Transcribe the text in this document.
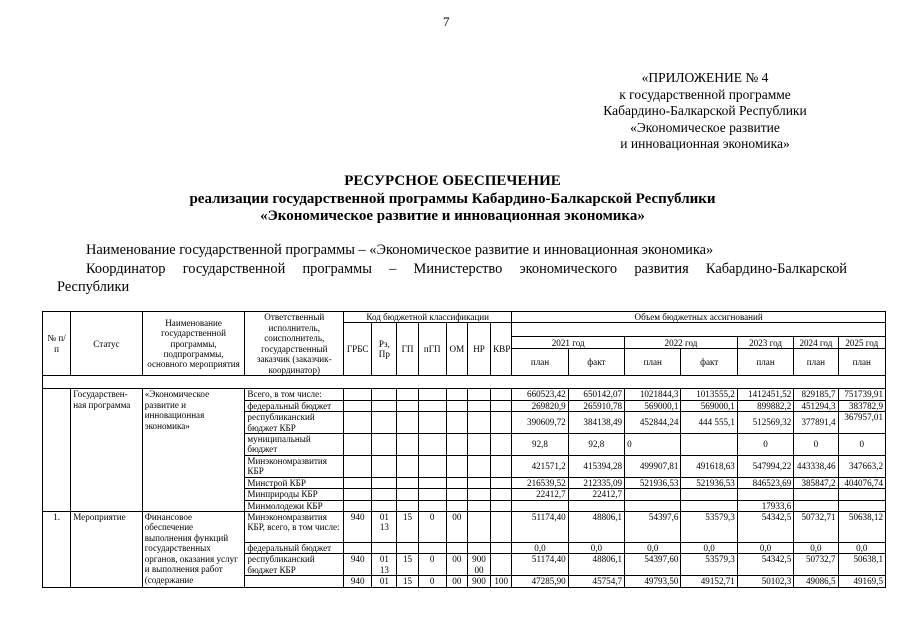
7
«ПРИЛОЖЕНИЕ № 4
к государственной программе
Кабардино-Балкарской Республики
«Экономическое развитие
и инновационная экономика»
РЕСУРСНОЕ ОБЕСПЕЧЕНИЕ
реализации государственной программы Кабардино-Балкарской Республики
«Экономическое развитие и инновационная экономика»
Наименование государственной программы – «Экономическое развитие и инновационная экономика»
Координатор государственной программы – Министерство экономического развития Кабардино-Балкарской
Республики
№ п/п	Статус	Наименование государственной программы, подпрограммы, основного мероприятия	Ответственный исполнитель, соисполнитель, государственный заказчик (заказчик-координатор)	Код бюджетной классификации							Объем бюджетных ассигнований						
				ГРБС	Рз, Пр	ГП	пГП	ОМ	НР	КВР							
											2021 год		2022 год		2023 год	2024 год	2025 год
											план	факт	план	факт	план	план	план

	Государствен-ная программа	«Экономическое развитие и инновационная экономика»	Всего, в том числе:								660523,42	650142,07	1021844,3	1013555,2	1412451,52	829185,7	751739,91
			федеральный бюджет								269820,9	265910,78	569000,1	569000,1	899882,2	451294,3	383782,9
			республиканский бюджет КБР								390609,72	384138,49	452844,24	444 555,1	512569,32	377891,4	367957,01
			муниципальный бюджет								92,8	92,8	0		0	0	0
			Минэкономразвития КБР								421571,2	415394,28	499907,81	491618,63	547994,22	443338,46	347663,2
			Минстрой КБР								216539,52	212335,09	521936,53	521936,53	846523,69	385847,2	404076,74
			Минприроды КБР								22412,7	22412,7					
			Минмолодежи КБР												17933,6		
1.	Мероприятие	Финансовое обеспечение выполнения функций государственных органов, оказания услуг и выполнения работ (содержание	Минэкономразвития КБР, всего, в том числе:	940	01 13	15	0	00			51174,40	48806,1	54397,6	53579,3	54342,5	50732,71	50638,12
			федеральный бюджет								0,0	0,0	0,0	0,0	0,0	0,0	0,0
			республиканский бюджет КБР	940	01 13	15	0	00	900 00		51174,40	48806,1	54397,60	53579,3	54342,5	50732,7	50638,1
				940	01	15	0	00	900	100	47285,90	45754,7	49793,50	49152,71	50102,3	49086,5	49169,5
